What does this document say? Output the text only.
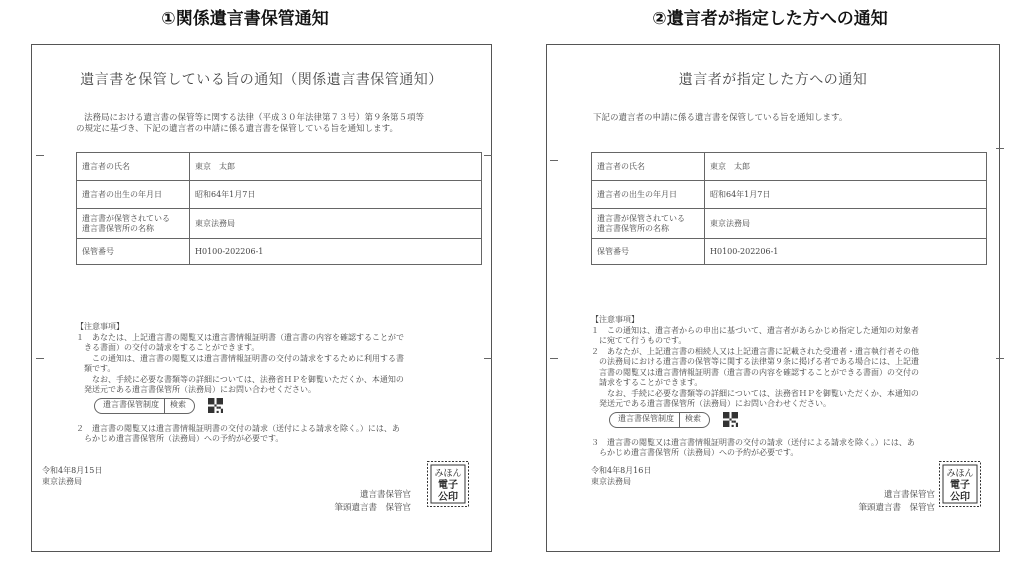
①関係遺言書保管通知	②遺言者が指定した方への通知
遺言書を保管している旨の通知（関係遺言書保管通知）
法務局における遺言書の保管等に関する法律（平成３０年法律第７３号）第９条第５項等
の規定に基づき、下記の遺言者の申請に係る遺言書を保管している旨を通知します。
遺言者の氏名	東京　太郎
遺言者の出生の年月日	昭和64年1月7日
遺言書が保管されている
遺言書保管所の名称	東京法務局
保管番号	H0100-202206-1

【注意事項】

１　あなたは、上記遺言書の閲覧又は遺言書情報証明書（遺言書の内容を確認することがで

　きる書面）の交付の請求をすることができます。

　　この通知は、遺言書の閲覧又は遺言書情報証明書の交付の請求をするために利用する書

　類です。

　　なお、手続に必要な書類等の詳細については、法務省ＨＰを御覧いただくか、本通知の

　発送元である遺言書保管所（法務局）にお問い合わせください。

遺言書保管制度 検索

２　遺言書の閲覧又は遺言書情報証明書の交付の請求（送付による請求を除く。）には、あ

　らかじめ遺言書保管所（法務局）への予約が必要です。

令和4年8月15日
東京法務局
遺言書保管官
筆頭遺言書　保管官
みほん
電子
公印
遺言者が指定した方への通知
下記の遺言者の申請に係る遺言書を保管している旨を通知します。
遺言者の氏名	東京　太郎
遺言者の出生の年月日	昭和64年1月7日
遺言書が保管されている
遺言書保管所の名称	東京法務局
保管番号	H0100-202206-1

【注意事項】

１　この通知は、遺言者からの申出に基づいて、遺言者があらかじめ指定した通知の対象者

　に宛てて行うものです。

２　あなたが、上記遺言書の相続人又は上記遺言書に記載された受遺者・遺言執行者その他

　の法務局における遺言書の保管等に関する法律第９条に掲げる者である場合には、上記遺

　言書の閲覧又は遺言書情報証明書（遺言書の内容を確認することができる書面）の交付の

　請求をすることができます。

　　なお、手続に必要な書類等の詳細については、法務省ＨＰを御覧いただくか、本通知の

　発送元である遺言書保管所（法務局）にお問い合わせください。

遺言書保管制度 検索

３　遺言書の閲覧又は遺言書情報証明書の交付の請求（送付による請求を除く。）には、あ

　らかじめ遺言書保管所（法務局）への予約が必要です。

令和4年8月16日
東京法務局
遺言書保管官
筆頭遺言書　保管官
みほん
電子
公印
